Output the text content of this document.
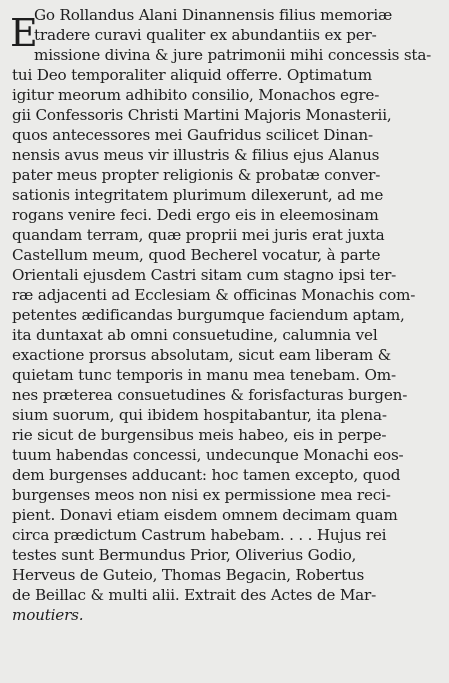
E
Go Rollandus Alani Dinannensis filius memoriæ
tradere curavi qualiter ex abundantiis ex per-
missione divina & jure patrimonii mihi concessis sta-
tui Deo temporaliter aliquid offerre. Optimatum
igitur meorum adhibito consilio, Monachos egre-
gii Confessoris Christi Martini Majoris Monasterii,
quos antecessores mei Gaufridus scilicet Dinan-
nensis avus meus vir illustris & filius ejus Alanus
pater meus propter religionis & probatæ conver-
sationis integritatem plurimum dilexerunt, ad me
rogans venire feci. Dedi ergo eis in eleemosinam
quandam terram, quæ proprii mei juris erat juxta
Castellum meum, quod Becherel vocatur, à parte
Orientali ejusdem Castri sitam cum stagno ipsi ter-
ræ adjacenti ad Ecclesiam & officinas Monachis com-
petentes ædificandas burgumque faciendum aptam,
ita duntaxat ab omni consuetudine, calumnia vel
exactione prorsus absolutam, sicut eam liberam &
quietam tunc temporis in manu mea tenebam. Om-
nes præterea consuetudines & forisfacturas burgen-
sium suorum, qui ibidem hospitabantur, ita plena-
rie sicut de burgensibus meis habeo, eis in perpe-
tuum habendas concessi, undecunque Monachi eos-
dem burgenses adducant: hoc tamen excepto, quod
burgenses meos non nisi ex permissione mea reci-
pient. Donavi etiam eisdem omnem decimam quam
circa prædictum Castrum habebam. . . . Hujus rei
testes sunt Bermundus Prior, Oliverius Godio,
Herveus de Guteio, Thomas Begacin, Robertus
de Beillac & multi alii. Extrait des Actes de Mar-
moutiers.
